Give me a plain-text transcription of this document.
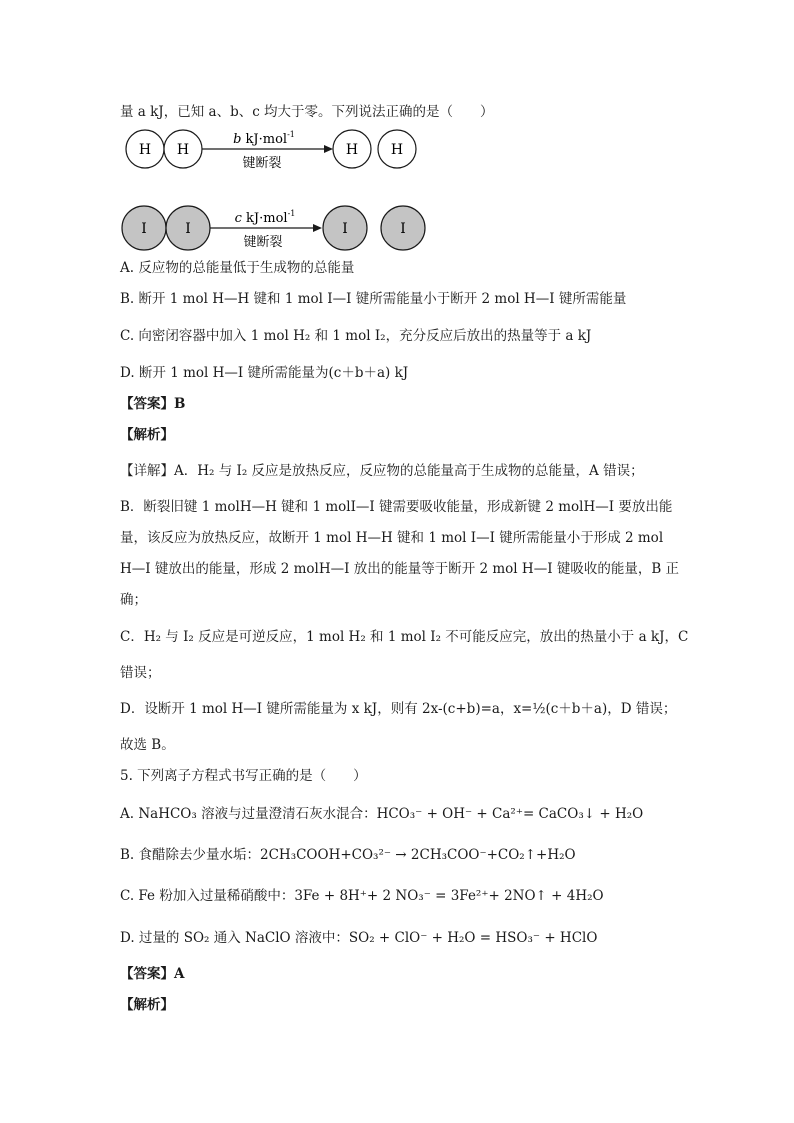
量 a kJ，已知 a、b、c 均大于零。下列说法正确的是（　　）
H H
b kJ·mol$^{-1}$
键断裂
H H
I	I
c kJ·mol$^{-1}$
键断裂
I	I
A. 反应物的总能量低于生成物的总能量
B. 断开 1 mol H—H 键和 1 mol I—I 键所需能量小于断开 2 mol H—I 键所需能量
C. 向密闭容器中加入 1 mol H₂ 和 1 mol I₂，充分反应后放出的热量等于 a kJ
D. 断开 1 mol H—I 键所需能量为(c＋b＋a) kJ
【答案】B
【解析】
【详解】A．H₂ 与 I₂ 反应是放热反应，反应物的总能量高于生成物的总能量，A 错误；
B．断裂旧键 1 molH—H 键和 1 molI—I 键需要吸收能量，形成新键 2 molH—I 要放出能
量，该反应为放热反应，故断开 1 mol H—H 键和 1 mol I—I 键所需能量小于形成 2 mol
H—I 键放出的能量，形成 2 molH—I 放出的能量等于断开 2 mol H—I 键吸收的能量，B 正
确；
C．H₂ 与 I₂ 反应是可逆反应，1 mol H₂ 和 1 mol I₂ 不可能反应完，放出的热量小于 a kJ，C
错误；
D．设断开 1 mol H—I 键所需能量为 x kJ，则有 2x-(c+b)=a，x=½(c＋b＋a)，D 错误；
故选 B。
5. 下列离子方程式书写正确的是（　　）
A. NaHCO₃ 溶液与过量澄清石灰水混合：HCO₃⁻ + OH⁻ + Ca²⁺= CaCO₃↓ + H₂O
B. 食醋除去少量水垢：2CH₃COOH+CO₃²⁻ → 2CH₃COO⁻+CO₂↑+H₂O
C. Fe 粉加入过量稀硝酸中：3Fe + 8H⁺+ 2 NO₃⁻ = 3Fe²⁺+ 2NO↑ + 4H₂O
D. 过量的 SO₂ 通入 NaClO 溶液中：SO₂ + ClO⁻ + H₂O = HSO₃⁻ + HClO
【答案】A
【解析】
